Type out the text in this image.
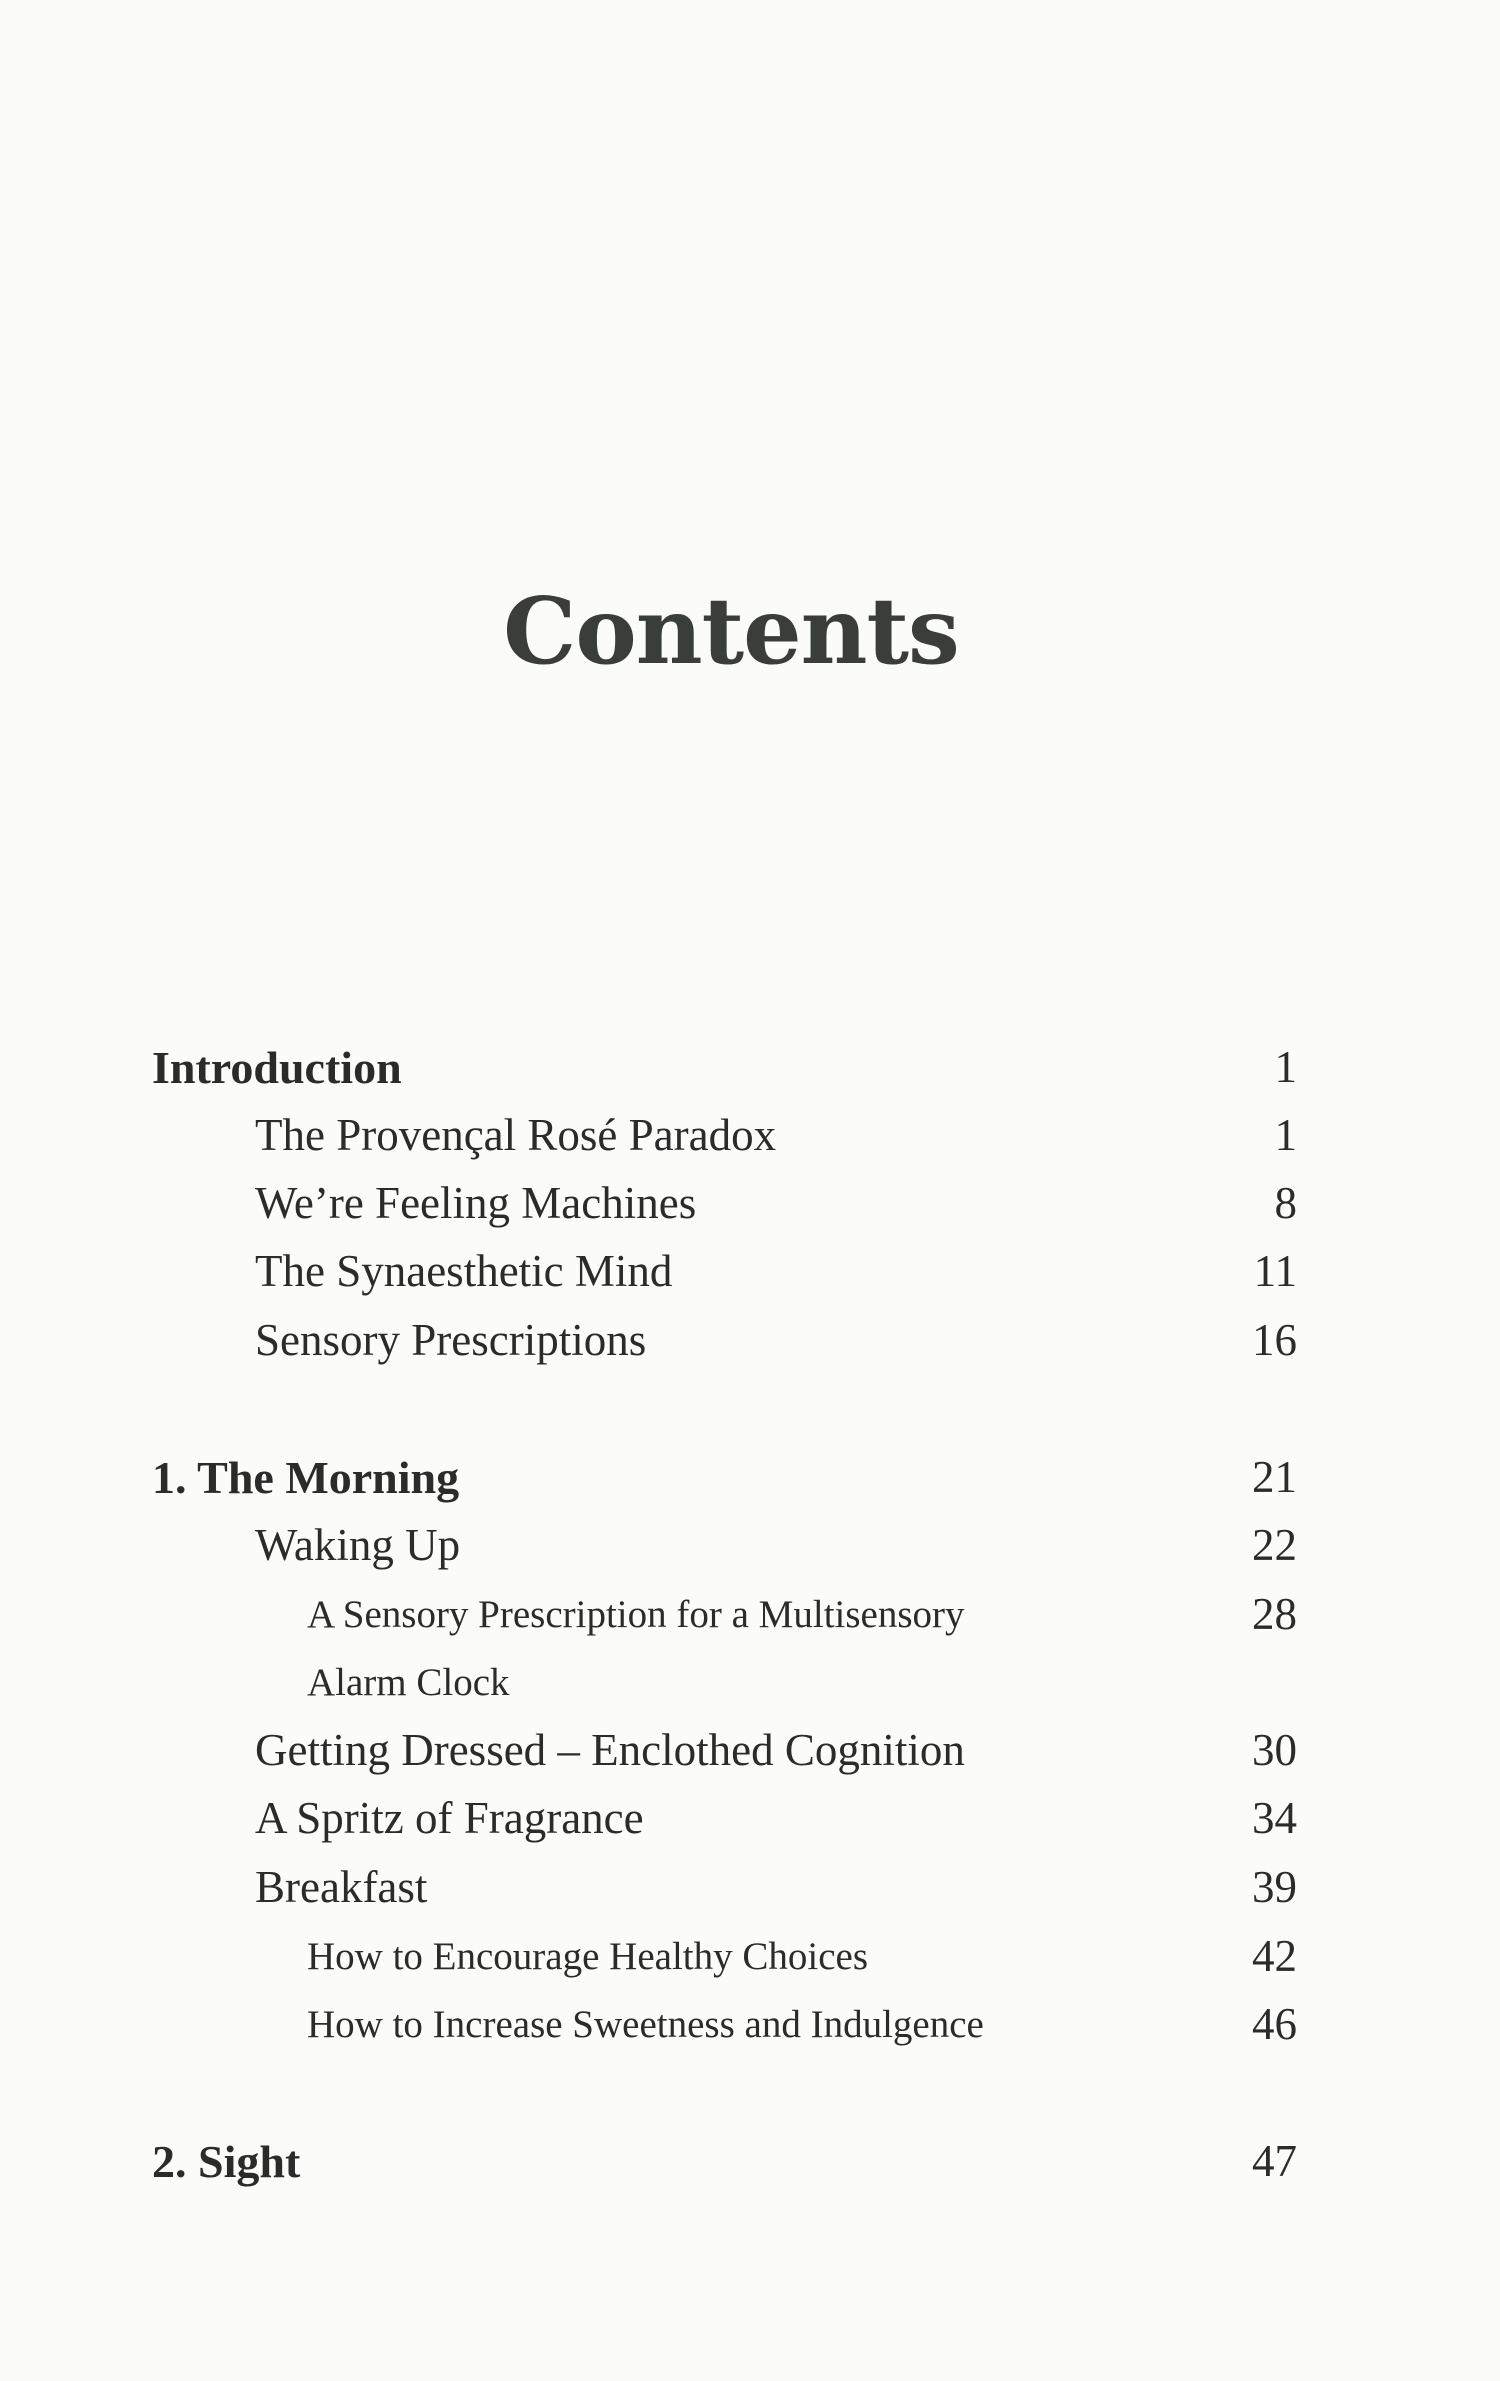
Contents
Introduction	1
The Provençal Rosé Paradox	1
We’re Feeling Machines	8
The Synaesthetic Mind	11
Sensory Prescriptions	16
1. The Morning	21
Waking Up	22
A Sensory Prescription for a Multisensory	28
Alarm Clock
Getting Dressed – Enclothed Cognition	30
A Spritz of Fragrance	34
Breakfast	39
How to Encourage Healthy Choices	42
How to Increase Sweetness and Indulgence	46
2. Sight	47
